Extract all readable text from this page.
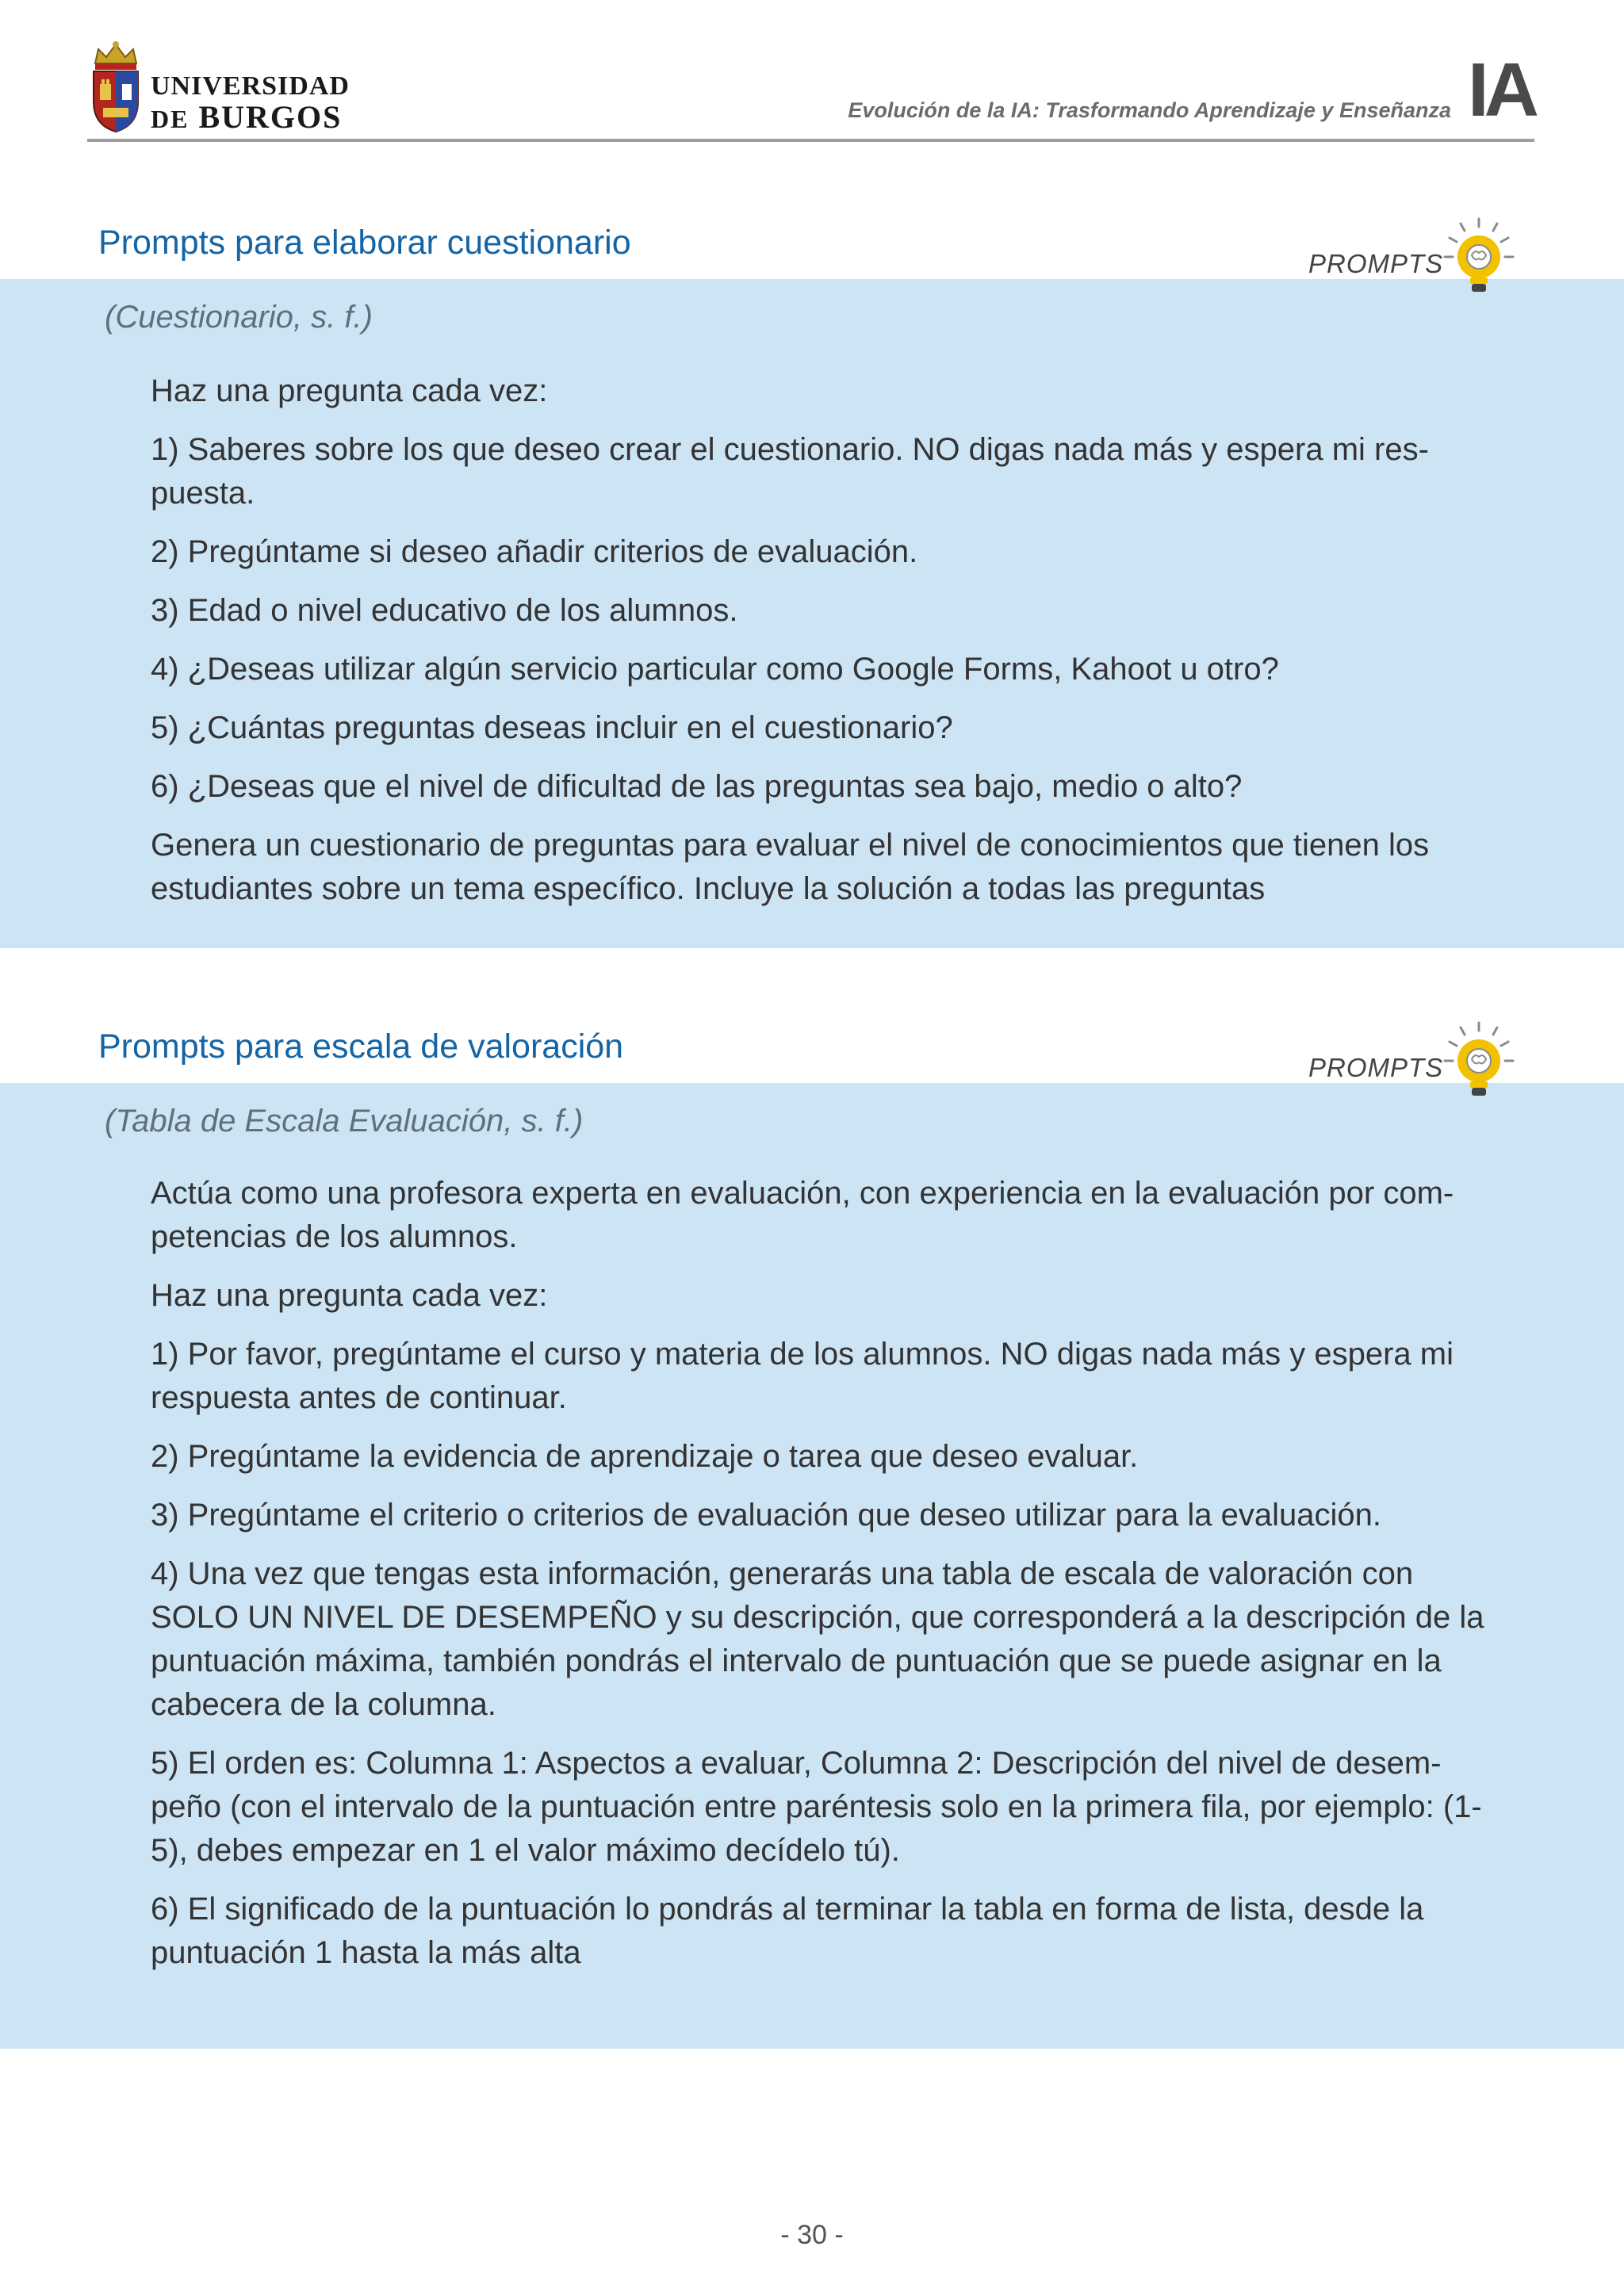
UNIVERSIDAD
DE BURGOS	Evolución de la IA: Trasformando Aprendizaje y Enseñanza IA
Prompts para elaborar cuestionario
PROMPTS
(Cuestionario, s. f.)

Haz una pregunta cada vez:

1) Saberes sobre los que deseo crear el cuestionario. NO digas nada más y espera mi res-puesta.

2) Pregúntame si deseo añadir criterios de evaluación.

3) Edad o nivel educativo de los alumnos.

4) ¿Deseas utilizar algún servicio particular como Google Forms, Kahoot u otro?

5) ¿Cuántas preguntas deseas incluir en el cuestionario?

6) ¿Deseas que el nivel de dificultad de las preguntas sea bajo, medio o alto?

Genera un cuestionario de preguntas para evaluar el nivel de conocimientos que tienen los estudiantes sobre un tema específico. Incluye la solución a todas las preguntas

Prompts para escala de valoración
PROMPTS
(Tabla de Escala Evaluación, s. f.)

Actúa como una profesora experta en evaluación, con experiencia en la evaluación por com-petencias de los alumnos.

Haz una pregunta cada vez:

1) Por favor, pregúntame el curso y materia de los alumnos. NO digas nada más y espera mi respuesta antes de continuar.

2) Pregúntame la evidencia de aprendizaje o tarea que deseo evaluar.

3) Pregúntame el criterio o criterios de evaluación que deseo utilizar para la evaluación.

4) Una vez que tengas esta información, generarás una tabla de escala de valoración con SOLO UN NIVEL DE DESEMPEÑO y su descripción, que corresponderá a la descripción de la puntuación máxima, también pondrás el intervalo de puntuación que se puede asignar en la cabecera de la columna.

5) El orden es: Columna 1: Aspectos a evaluar, Columna 2: Descripción del nivel de desem-peño (con el intervalo de la puntuación entre paréntesis solo en la primera fila, por ejemplo: (1-5), debes empezar en 1 el valor máximo decídelo tú).

6) El significado de la puntuación lo pondrás al terminar la tabla en forma de lista, desde la puntuación 1 hasta la más alta

- 30 -
